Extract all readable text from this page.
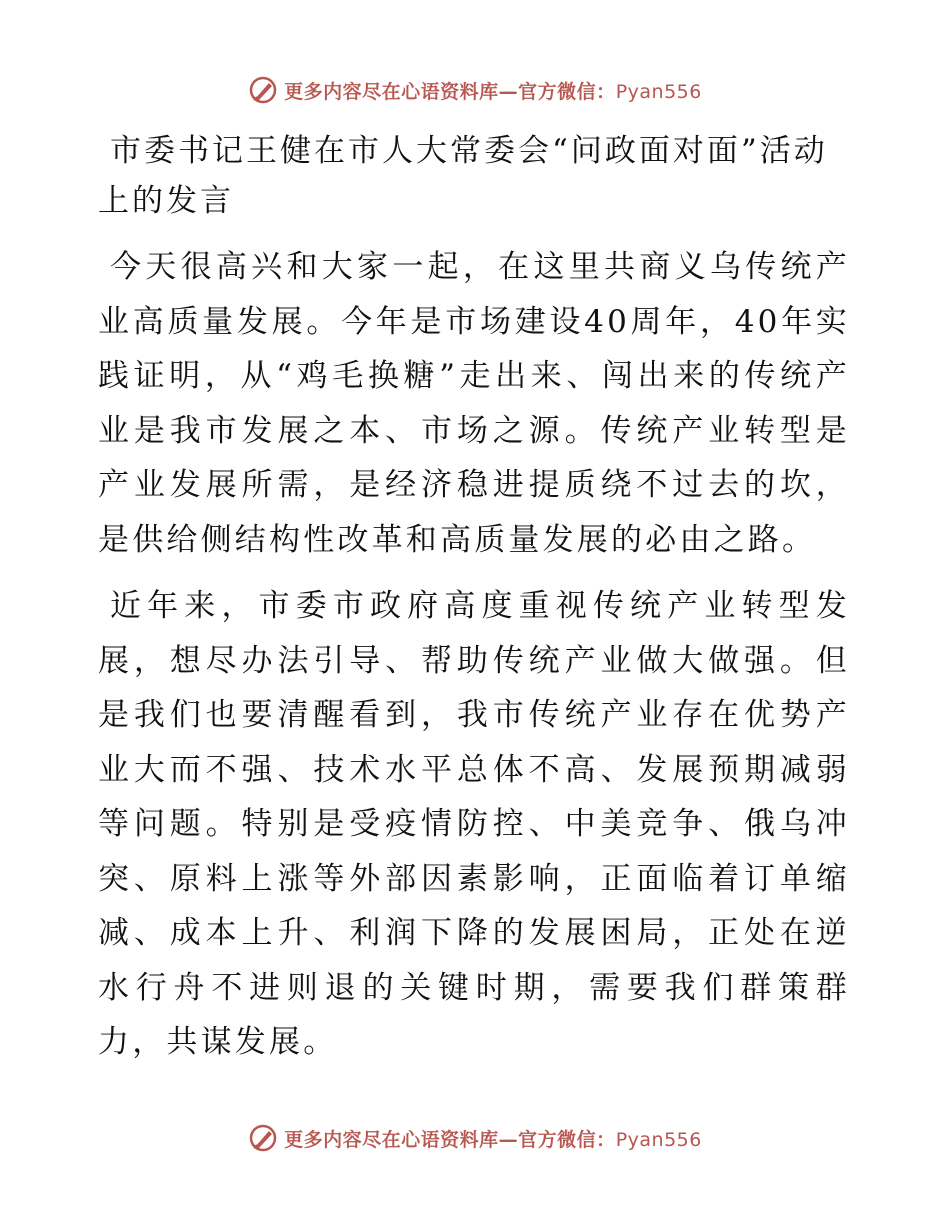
更多内容尽在心语资料库—官方微信：Pyan556
市委书记王健在市人大常委会“问政面对面”活动上的发言
今天很高兴和大家一起，在这里共商义乌传统产业高质量发展。今年是市场建设40周年，40年实践证明，从“鸡毛换糖”走出来、闯出来的传统产业是我市发展之本、市场之源。传统产业转型是产业发展所需，是经济稳进提质绕不过去的坎，是供给侧结构性改革和高质量发展的必由之路。
近年来，市委市政府高度重视传统产业转型发展，想尽办法引导、帮助传统产业做大做强。但是我们也要清醒看到，我市传统产业存在优势产业大而不强、技术水平总体不高、发展预期减弱等问题。特别是受疫情防控、中美竞争、俄乌冲突、原料上涨等外部因素影响，正面临着订单缩减、成本上升、利润下降的发展困局，正处在逆水行舟不进则退的关键时期，需要我们群策群力，共谋发展。
更多内容尽在心语资料库—官方微信：Pyan556
